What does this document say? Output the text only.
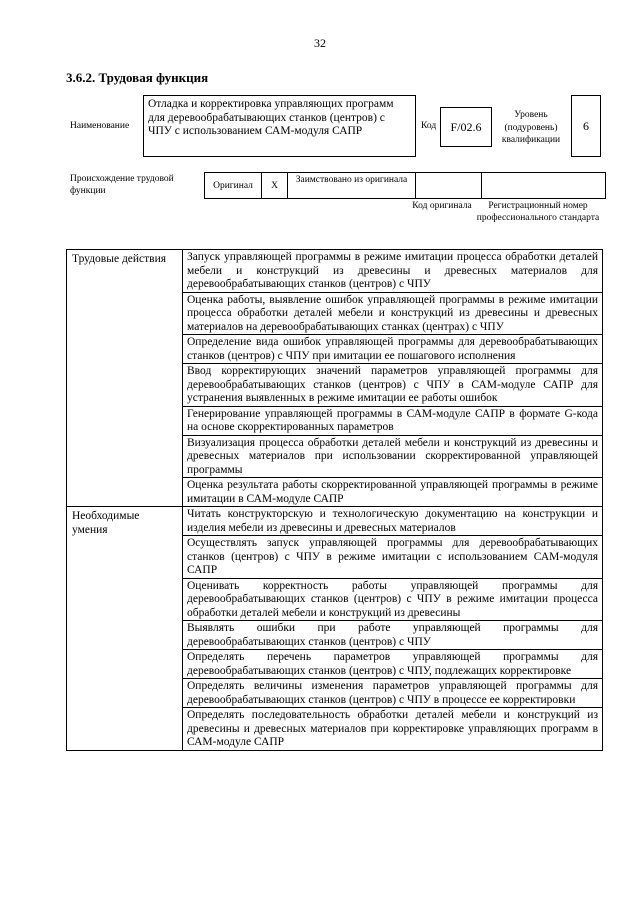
32
3.6.2. Трудовая функция
Наименование
Отладка и корректировка управляющих программ для деревообрабатывающих станков (центров) с ЧПУ с использованием САМ-модуля САПР	Код	F/02.6
Уровень (подуровень) квалификации
6
Происхождение трудовой функции	Оригинал	X	Заимствовано из оригинала		
Код оригинала	Регистрационный номер профессионального стандарта
Трудовые действия	Запуск управляющей программы в режиме имитации процесса обработки деталей мебели и конструкций из древесины и древесных материалов для деревообрабатывающих станков (центров) с ЧПУ
	Оценка работы, выявление ошибок управляющей программы в режиме имитации процесса обработки деталей мебели и конструкций из древесины и древесных материалов на деревообрабатывающих станках (центрах) с ЧПУ
	Определение вида ошибок управляющей программы для деревообрабатывающих станков (центров) с ЧПУ при имитации ее пошагового исполнения
	Ввод корректирующих значений параметров управляющей программы для деревообрабатывающих станков (центров) с ЧПУ в САМ-модуле САПР для устранения выявленных в режиме имитации ее работы ошибок
	Генерирование управляющей программы в САМ-модуле САПР в формате G-кода на основе скорректированных параметров
	Визуализация процесса обработки деталей мебели и конструкций из древесины и древесных материалов при использовании скорректированной управляющей программы
	Оценка результата работы скорректированной управляющей программы в режиме имитации в САМ-модуле САПР
Необходимые умения	Читать конструкторскую и технологическую документацию на конструкции и изделия мебели из древесины и древесных материалов
	Осуществлять запуск управляющей программы для деревообрабатывающих станков (центров) с ЧПУ в режиме имитации с использованием САМ-модуля САПР
	Оценивать корректность работы управляющей программы для деревообрабатывающих станков (центров) с ЧПУ в режиме имитации процесса обработки деталей мебели и конструкций из древесины
	Выявлять ошибки при работе управляющей программы для деревообрабатывающих станков (центров) с ЧПУ
	Определять перечень параметров управляющей программы для деревообрабатывающих станков (центров) с ЧПУ, подлежащих корректировке
	Определять величины изменения параметров управляющей программы для деревообрабатывающих станков (центров) с ЧПУ в процессе ее корректировки
	Определять последовательность обработки деталей мебели и конструкций из древесины и древесных материалов при корректировке управляющих программ в САМ-модуле САПР
